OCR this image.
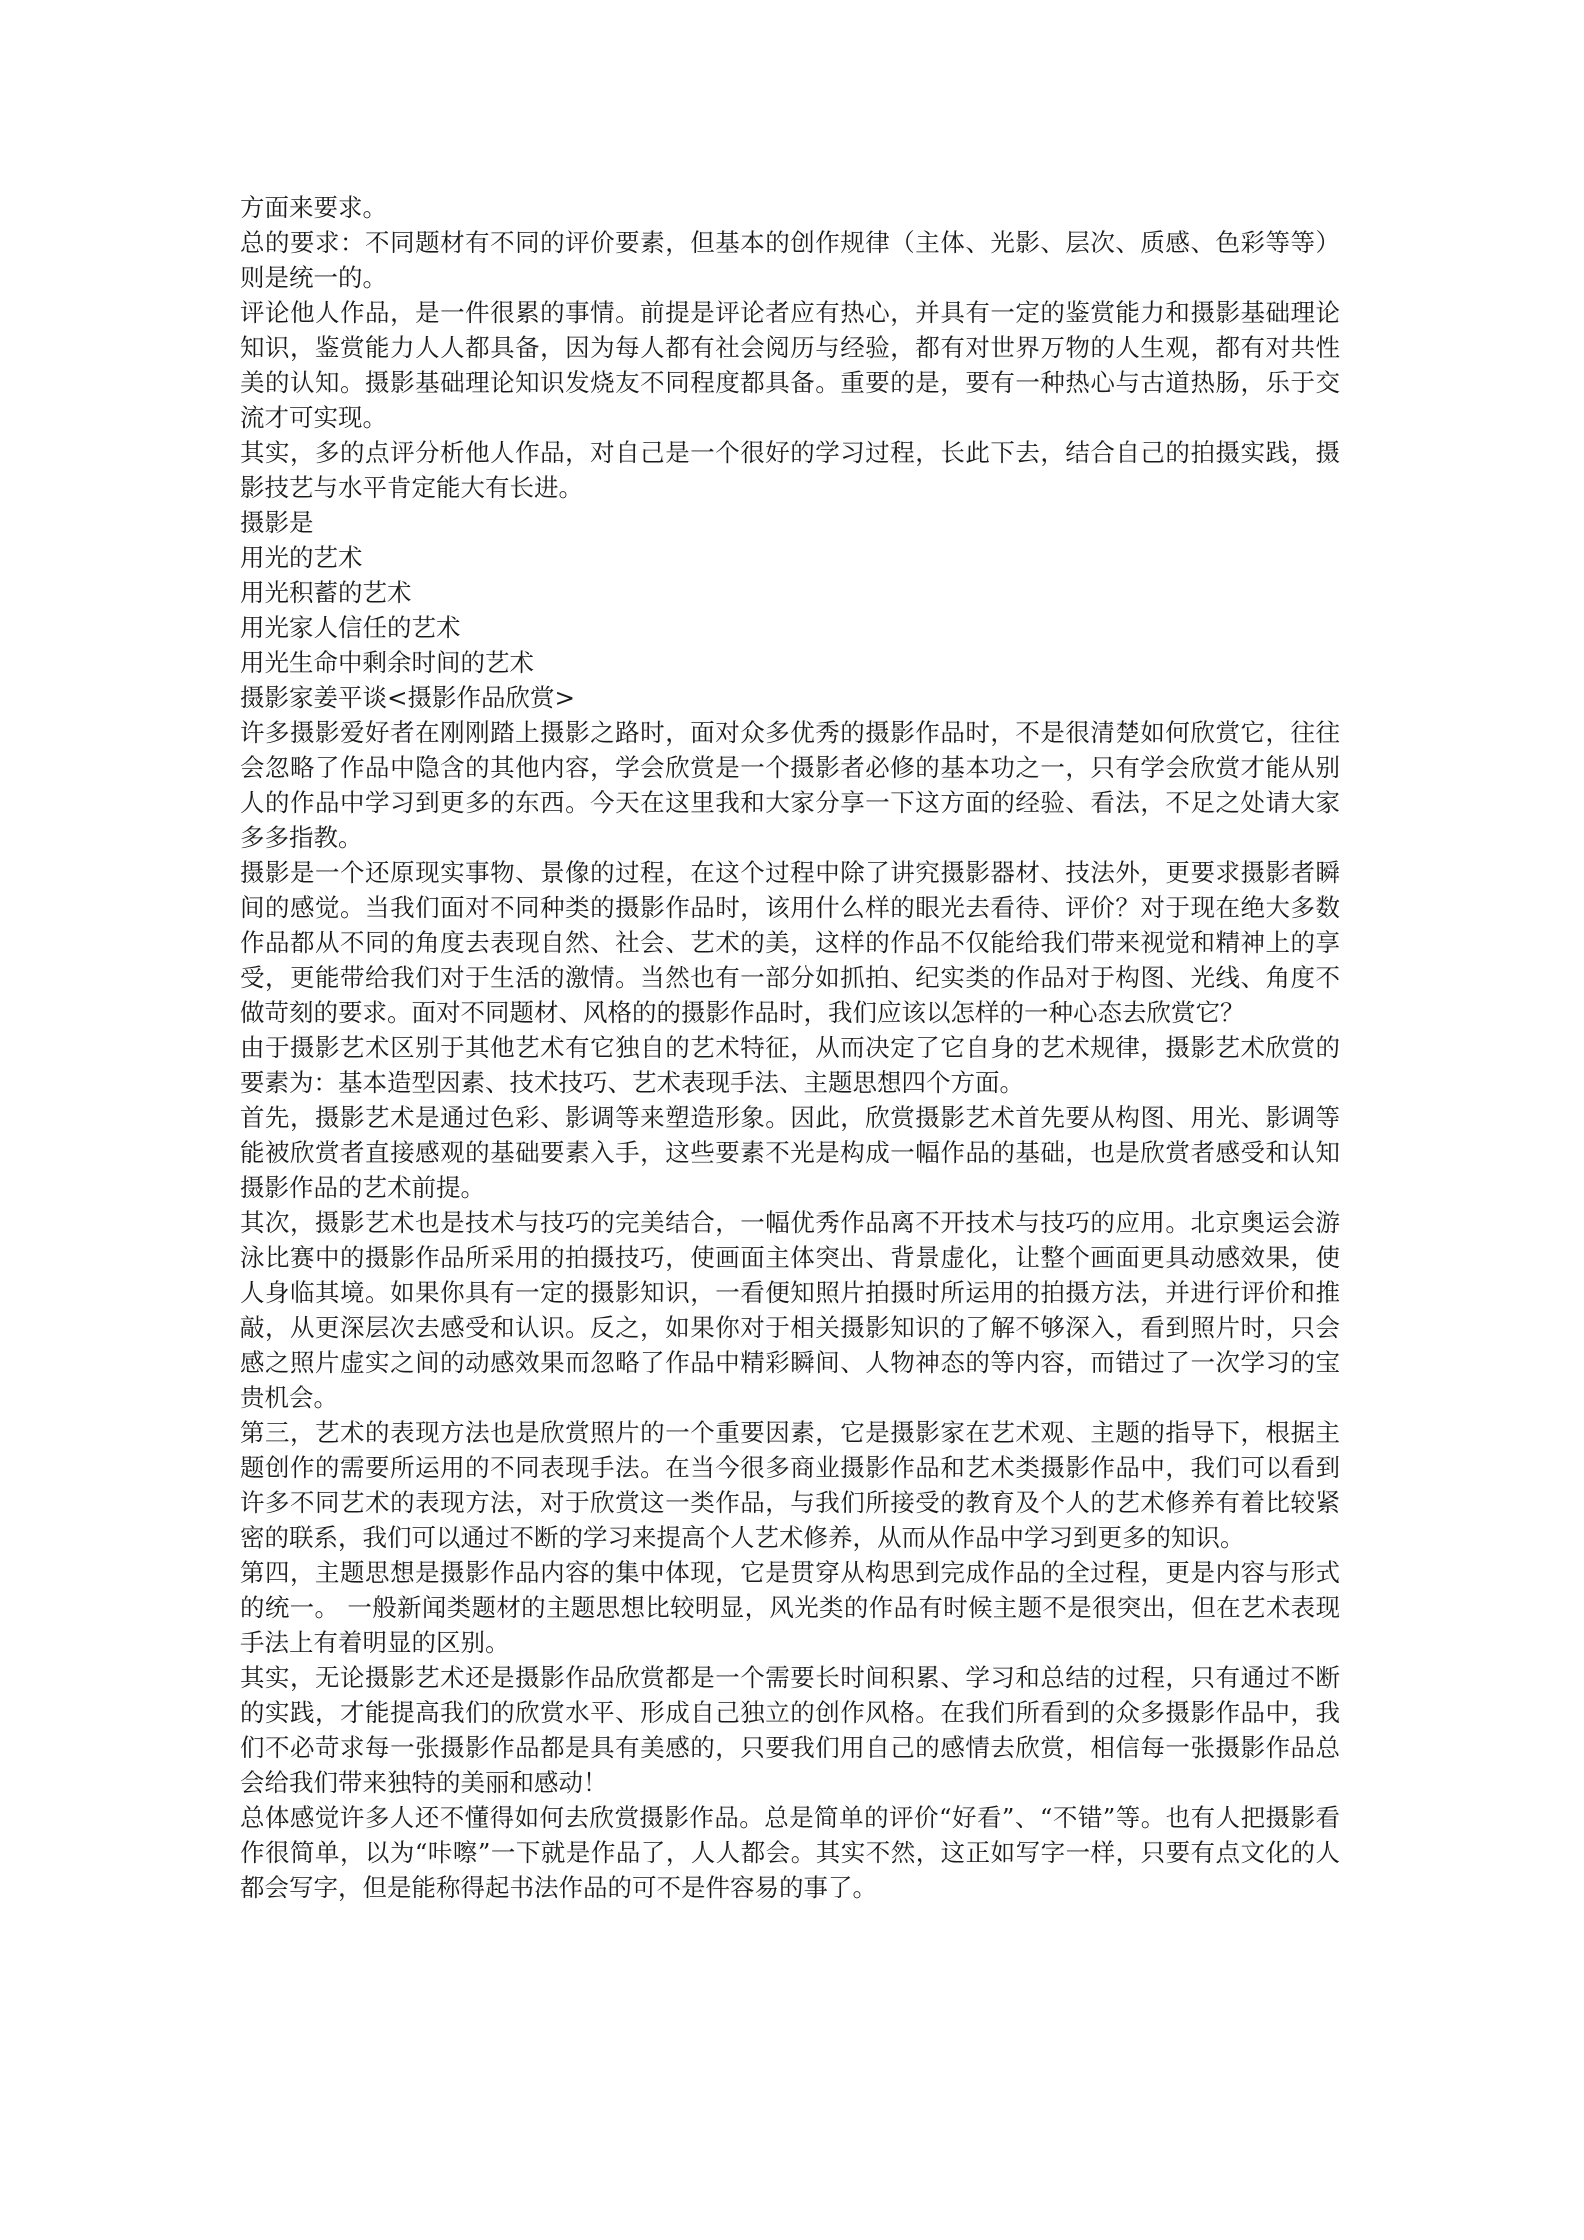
方面来要求。

总的要求：不同题材有不同的评价要素，但基本的创作规律（主体、光影、层次、质感、色彩等等）则是统一的。

评论他人作品，是一件很累的事情。前提是评论者应有热心，并具有一定的鉴赏能力和摄影基础理论知识，鉴赏能力人人都具备，因为每人都有社会阅历与经验，都有对世界万物的人生观，都有对共性美的认知。摄影基础理论知识发烧友不同程度都具备。重要的是，要有一种热心与古道热肠，乐于交流才可实现。

其实，多的点评分析他人作品，对自己是一个很好的学习过程，长此下去，结合自己的拍摄实践，摄影技艺与水平肯定能大有长进。

摄影是

用光的艺术

用光积蓄的艺术

用光家人信任的艺术

用光生命中剩余时间的艺术

摄影家姜平谈<摄影作品欣赏>

许多摄影爱好者在刚刚踏上摄影之路时，面对众多优秀的摄影作品时，不是很清楚如何欣赏它，往往会忽略了作品中隐含的其他内容，学会欣赏是一个摄影者必修的基本功之一，只有学会欣赏才能从别人的作品中学习到更多的东西。今天在这里我和大家分享一下这方面的经验、看法，不足之处请大家多多指教。

摄影是一个还原现实事物、景像的过程，在这个过程中除了讲究摄影器材、技法外，更要求摄影者瞬间的感觉。当我们面对不同种类的摄影作品时，该用什么样的眼光去看待、评价？对于现在绝大多数作品都从不同的角度去表现自然、社会、艺术的美，这样的作品不仅能给我们带来视觉和精神上的享受，更能带给我们对于生活的激情。当然也有一部分如抓拍、纪实类的作品对于构图、光线、角度不做苛刻的要求。面对不同题材、风格的的摄影作品时，我们应该以怎样的一种心态去欣赏它？

由于摄影艺术区别于其他艺术有它独自的艺术特征，从而决定了它自身的艺术规律，摄影艺术欣赏的要素为：基本造型因素、技术技巧、艺术表现手法、主题思想四个方面。

首先，摄影艺术是通过色彩、影调等来塑造形象。因此，欣赏摄影艺术首先要从构图、用光、影调等能被欣赏者直接感观的基础要素入手，这些要素不光是构成一幅作品的基础，也是欣赏者感受和认知摄影作品的艺术前提。

其次，摄影艺术也是技术与技巧的完美结合，一幅优秀作品离不开技术与技巧的应用。北京奥运会游泳比赛中的摄影作品所采用的拍摄技巧，使画面主体突出、背景虚化，让整个画面更具动感效果，使人身临其境。如果你具有一定的摄影知识，一看便知照片拍摄时所运用的拍摄方法，并进行评价和推敲，从更深层次去感受和认识。反之，如果你对于相关摄影知识的了解不够深入，看到照片时，只会感之照片虚实之间的动感效果而忽略了作品中精彩瞬间、人物神态的等内容，而错过了一次学习的宝贵机会。

第三，艺术的表现方法也是欣赏照片的一个重要因素，它是摄影家在艺术观、主题的指导下，根据主题创作的需要所运用的不同表现手法。在当今很多商业摄影作品和艺术类摄影作品中，我们可以看到许多不同艺术的表现方法，对于欣赏这一类作品，与我们所接受的教育及个人的艺术修养有着比较紧密的联系，我们可以通过不断的学习来提高个人艺术修养，从而从作品中学习到更多的知识。

第四，主题思想是摄影作品内容的集中体现，它是贯穿从构思到完成作品的全过程，更是内容与形式的统一。 一般新闻类题材的主题思想比较明显，风光类的作品有时候主题不是很突出，但在艺术表现手法上有着明显的区别。

其实，无论摄影艺术还是摄影作品欣赏都是一个需要长时间积累、学习和总结的过程，只有通过不断的实践，才能提高我们的欣赏水平、形成自己独立的创作风格。在我们所看到的众多摄影作品中，我们不必苛求每一张摄影作品都是具有美感的，只要我们用自己的感情去欣赏，相信每一张摄影作品总会给我们带来独特的美丽和感动！

总体感觉许多人还不懂得如何去欣赏摄影作品。总是简单的评价“好看”、“不错”等。也有人把摄影看作很简单，以为“咔嚓”一下就是作品了，人人都会。其实不然，这正如写字一样，只要有点文化的人都会写字，但是能称得起书法作品的可不是件容易的事了。
